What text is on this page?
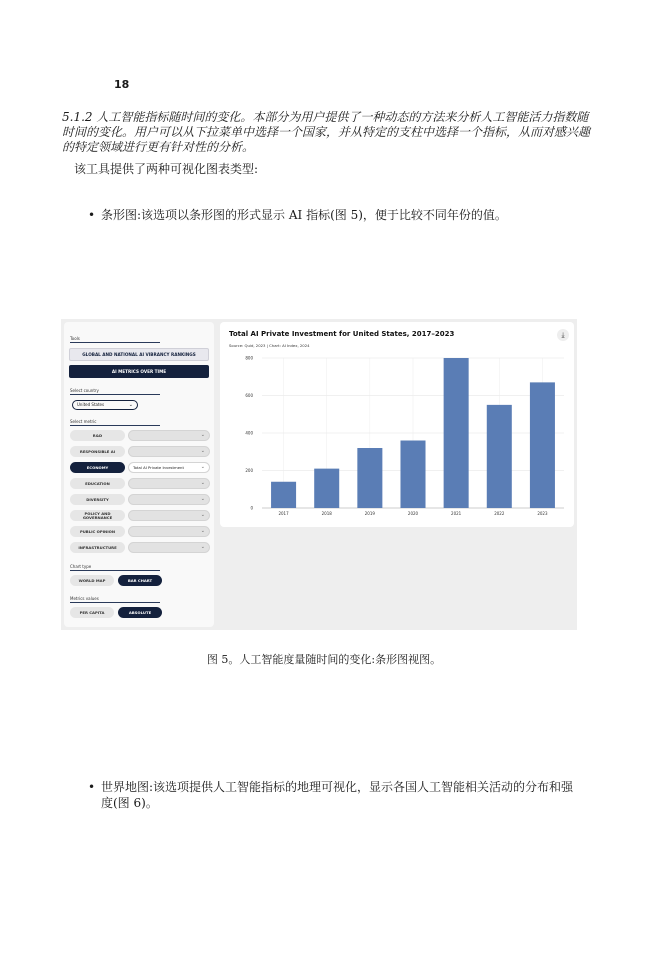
18
5.1.2 人工智能指标随时间的变化。本部分为用户提供了一种动态的方法来分析人工智能活力指数随时间的变化。用户可以从下拉菜单中选择一个国家，并从特定的支柱中选择一个指标，从而对感兴趣的特定领域进行更有针对性的分析。
该工具提供了两种可视化图表类型:
• 条形图:该选项以条形图的形式显示 AI 指标(图 5)，便于比较不同年份的值。
Tools
GLOBAL AND NATIONAL AI VIBRANCY RANKINGS
AI METRICS OVER TIME
Select country
United States	⌄
Select metric
R&D	⌄
RESPONSIBLE AI	⌄
ECONOMY	Total AI Private Investment	⌄
EDUCATION	⌄
DIVERSITY	⌄
POLICY AND GOVERNANCE	⌄
PUBLIC OPINION	⌄
INFRASTRUCTURE	⌄
Chart type
WORLD MAP	BAR CHART
Metrics values
PER CAPITA	ABSOLUTE
Total AI Private Investment for United States, 2017–2023
Source: Quid, 2023 | Chart: AI Index, 2024
⤓
0
200
400
600
800
2017	2018	2019	2020	2021	2022	2023
图 5。人工智能度量随时间的变化:条形图视图。
• 世界地图:该选项提供人工智能指标的地理可视化，显示各国人工智能相关活动的分布和强度(图 6)。
